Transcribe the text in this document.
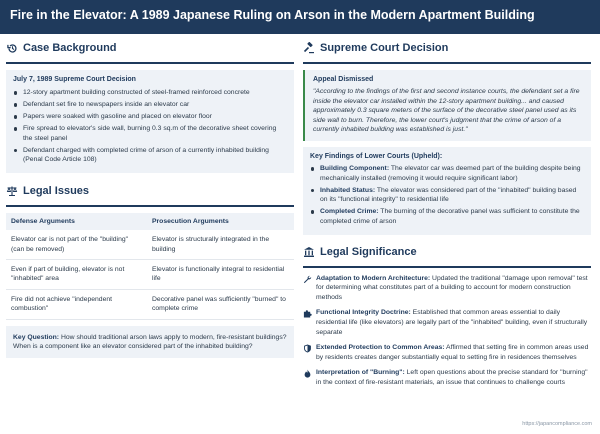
Fire in the Elevator: A 1989 Japanese Ruling on Arson in the Modern Apartment Building
Case Background
July 7, 1989 Supreme Court Decision
12-story apartment building constructed of steel-framed reinforced concrete
Defendant set fire to newspapers inside an elevator car
Papers were soaked with gasoline and placed on elevator floor
Fire spread to elevator's side wall, burning 0.3 sq.m of the decorative sheet covering the steel panel
Defendant charged with completed crime of arson of a currently inhabited building (Penal Code Article 108)
Legal Issues
Defense Arguments	Prosecution Arguments
Elevator car is not part of the "building" (can be removed)	Elevator is structurally integrated in the building
Even if part of building, elevator is not "inhabited" area	Elevator is functionally integral to residential life
Fire did not achieve "independent combustion"	Decorative panel was sufficiently "burned" to complete crime
Key Question: How should traditional arson laws apply to modern, fire-resistant buildings? When is a component like an elevator considered part of the inhabited building?
Supreme Court Decision
Appeal Dismissed
"According to the findings of the first and second instance courts, the defendant set a fire inside the elevator car installed within the 12-story apartment building... and caused approximately 0.3 square meters of the surface of the decorative steel panel used as its side wall to burn. Therefore, the lower court's judgment that the crime of arson of a currently inhabited building was established is just."
Key Findings of Lower Courts (Upheld):
Building Component: The elevator car was deemed part of the building despite being mechanically installed (removing it would require significant labor)
Inhabited Status: The elevator was considered part of the "inhabited" building based on its "functional integrity" to residential life
Completed Crime: The burning of the decorative panel was sufficient to constitute the completed crime of arson
Legal Significance
Adaptation to Modern Architecture: Updated the traditional "damage upon removal" test for determining what constitutes part of a building to account for modern construction methods
Functional Integrity Doctrine: Established that common areas essential to daily residential life (like elevators) are legally part of the "inhabited" building, even if structurally separate
Extended Protection to Common Areas: Affirmed that setting fire in common areas used by residents creates danger substantially equal to setting fire in residences themselves
Interpretation of "Burning": Left open questions about the precise standard for "burning" in the context of fire-resistant materials, an issue that continues to challenge courts
https://japancompliance.com
